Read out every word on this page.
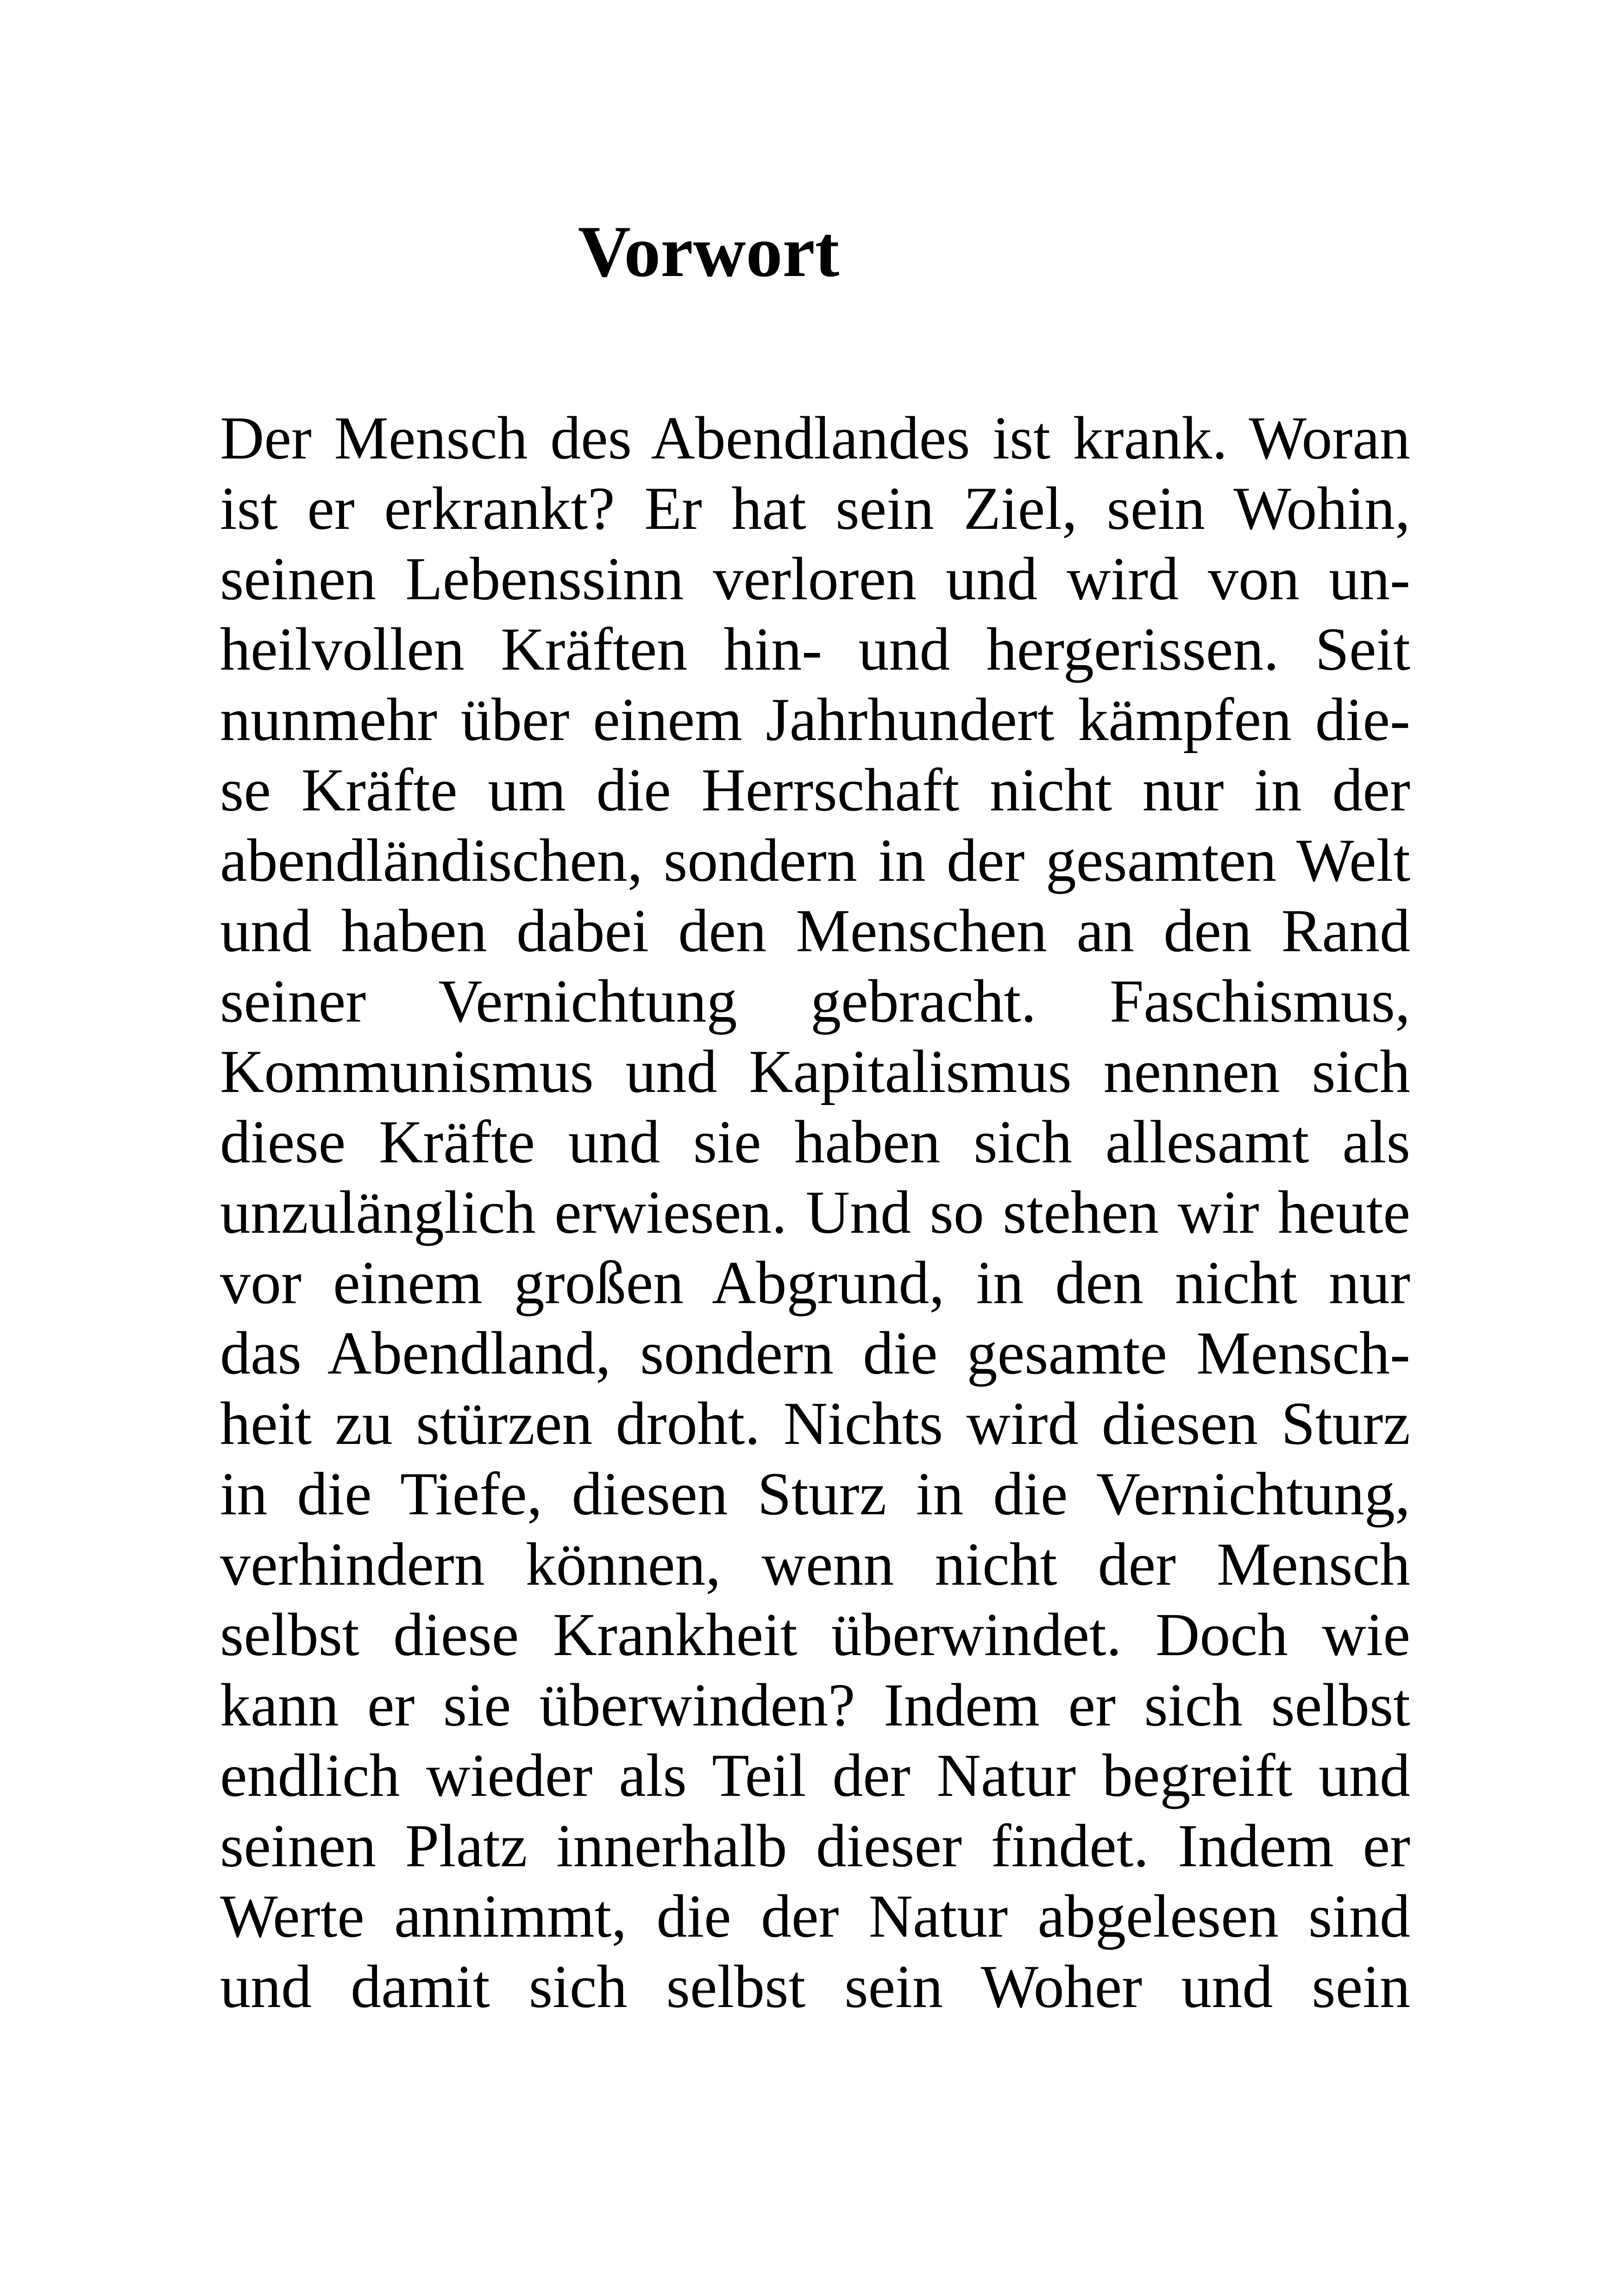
Vorwort
Der Mensch des Abendlandes ist krank. Woran
ist er erkrankt? Er hat sein Ziel, sein Wohin,
seinen Lebenssinn verloren und wird von un-
heilvollen Kräften hin- und hergerissen. Seit
nunmehr über einem Jahrhundert kämpfen die-
se Kräfte um die Herrschaft nicht nur in der
abendländischen, sondern in der gesamten Welt
und haben dabei den Menschen an den Rand
seiner Vernichtung gebracht. Faschismus,
Kommunismus und Kapitalismus nennen sich
diese Kräfte und sie haben sich allesamt als
unzulänglich erwiesen. Und so stehen wir heute
vor einem großen Abgrund, in den nicht nur
das Abendland, sondern die gesamte Mensch-
heit zu stürzen droht. Nichts wird diesen Sturz
in die Tiefe, diesen Sturz in die Vernichtung,
verhindern können, wenn nicht der Mensch
selbst diese Krankheit überwindet. Doch wie
kann er sie überwinden? Indem er sich selbst
endlich wieder als Teil der Natur begreift und
seinen Platz innerhalb dieser findet. Indem er
Werte annimmt, die der Natur abgelesen sind
und damit sich selbst sein Woher und sein
